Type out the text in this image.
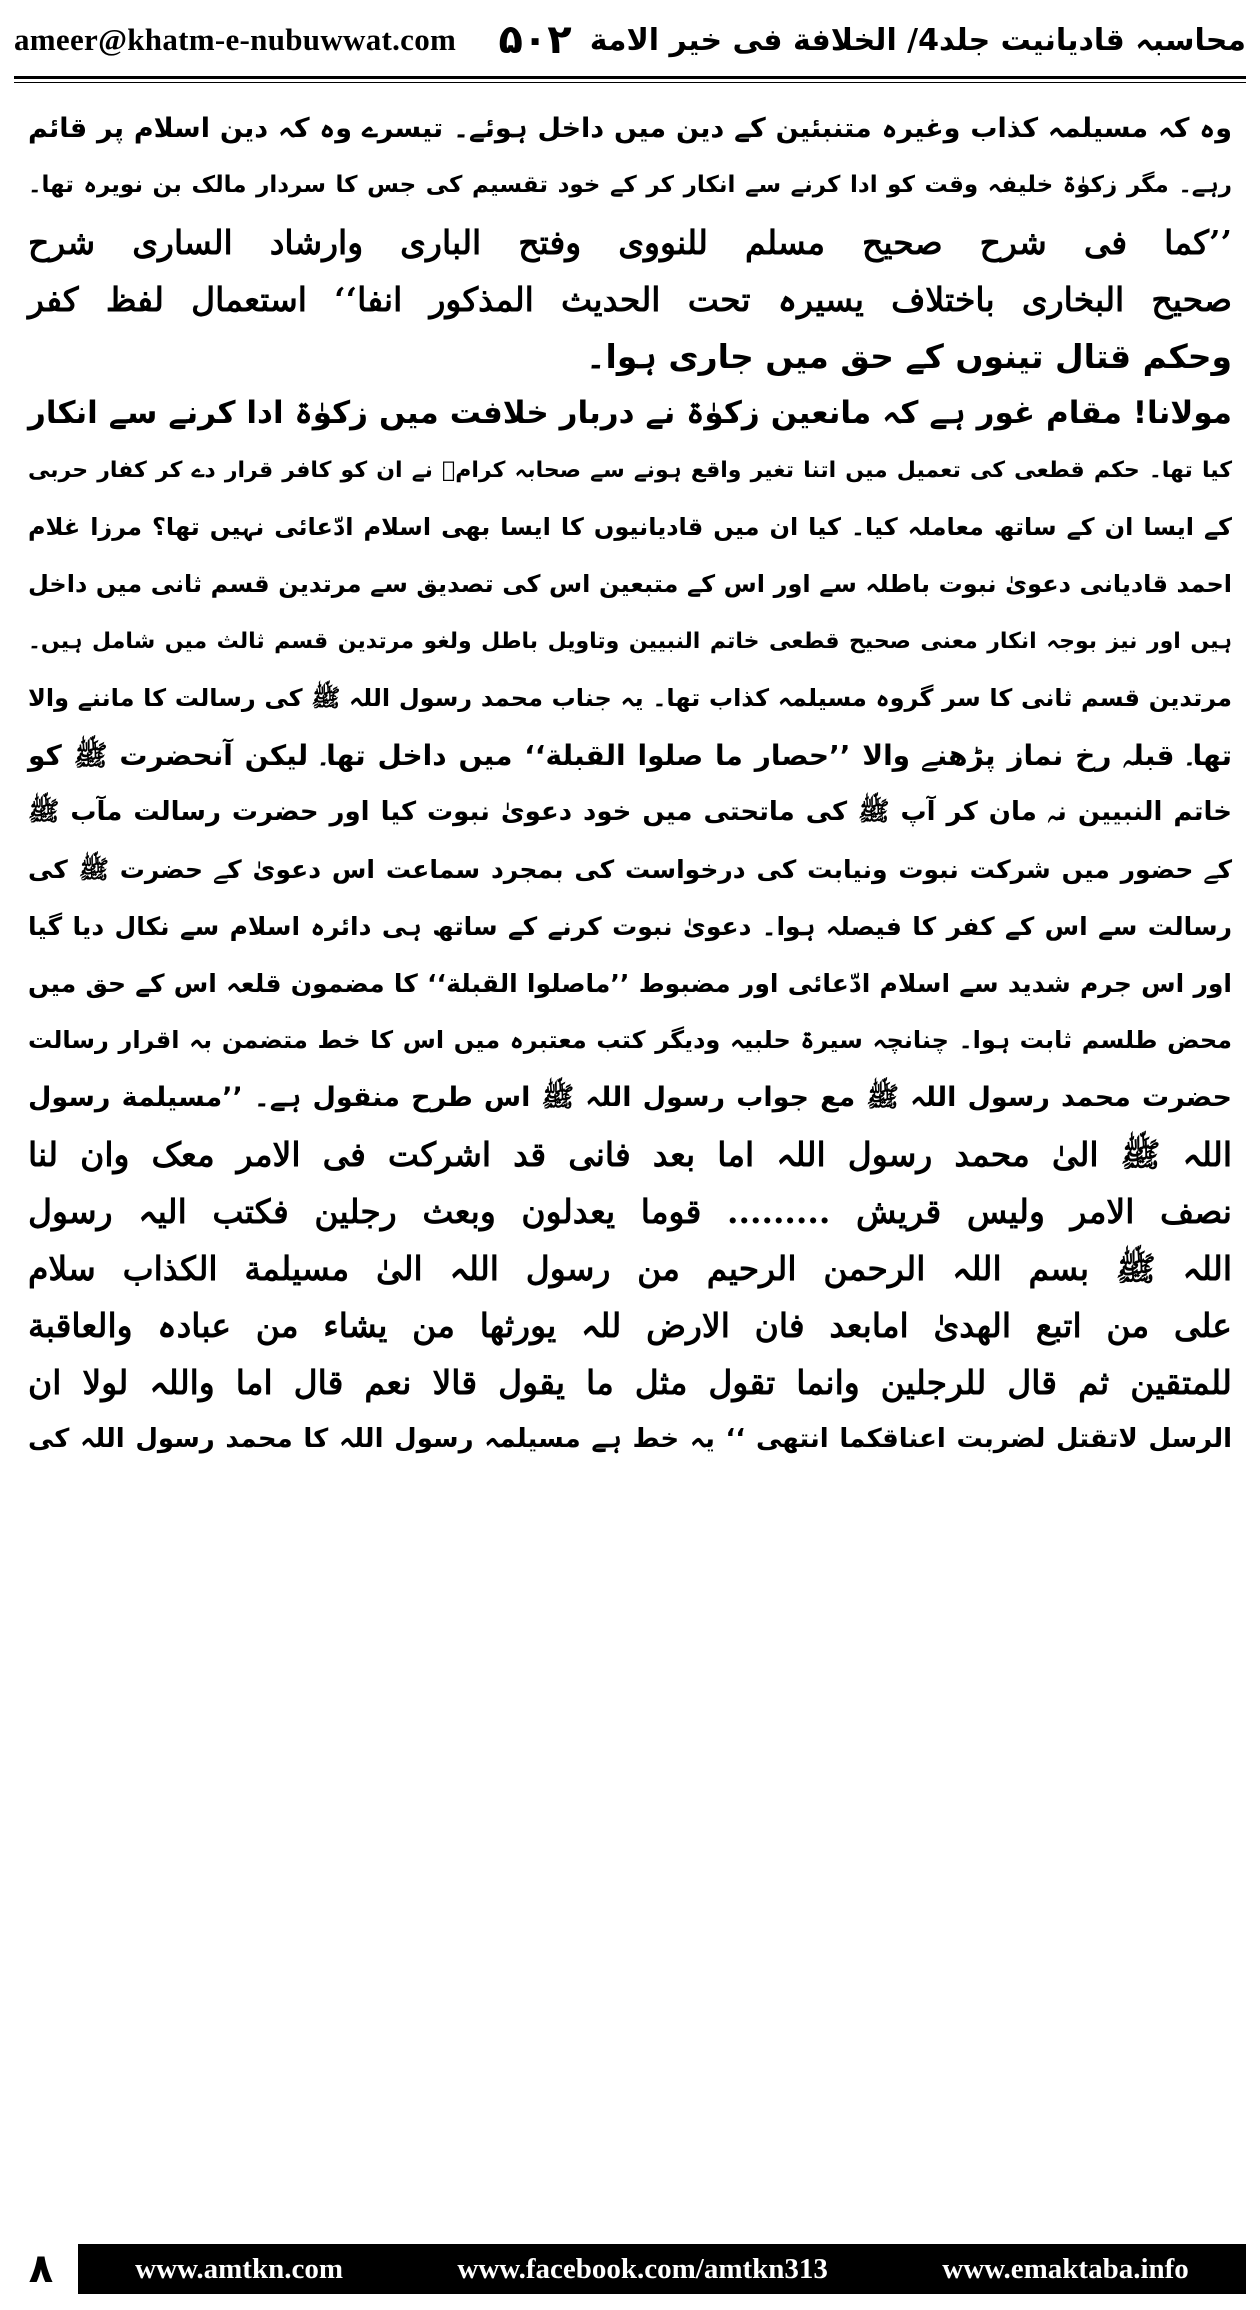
ameer@khatm-e-nubuwwat.com	محاسبہ قادیانیت جلد4/ الخلافة فی خیر الامة
۵۰۲
وہ کہ مسیلمہ کذاب وغیرہ متنبئین کے دین میں داخل ہوئے۔ تیسرے وہ کہ دین اسلام پر قائم
رہے۔ مگر زکوٰۃ خلیفہ وقت کو ادا کرنے سے انکار کر کے خود تقسیم کی جس کا سردار مالک بن نویرہ تھا۔
’’کما فی شرح صحیح مسلم للنووی وفتح الباری وارشاد الساری شرح
صحیح البخاری باختلاف یسیرہ تحت الحدیث المذکور انفا‘‘ استعمال لفظ کفر
وحکم قتال تینوں کے حق میں جاری ہوا۔
مولانا! مقام غور ہے کہ مانعین زکوٰۃ نے دربار خلافت میں زکوٰۃ ادا کرنے سے انکار
کیا تھا۔ حکم قطعی کی تعمیل میں اتنا تغیر واقع ہونے سے صحابہ کرامؓ نے ان کو کافر قرار دے کر کفار حربی
کے ایسا ان کے ساتھ معاملہ کیا۔ کیا ان میں قادیانیوں کا ایسا بھی اسلام ادّعائی نہیں تھا؟ مرزا غلام
احمد قادیانی دعویٰ نبوت باطلہ سے اور اس کے متبعین اس کی تصدیق سے مرتدین قسم ثانی میں داخل
ہیں اور نیز بوجہ انکار معنی صحیح قطعی خاتم النبیین وتاویل باطل ولغو مرتدین قسم ثالث میں شامل ہیں۔
مرتدین قسم ثانی کا سر گروہ مسیلمہ کذاب تھا۔ یہ جناب محمد رسول اللہ ﷺ کی رسالت کا ماننے والا
تھا۔ قبلہ رخ نماز پڑھنے والا ’’حصار ما صلوا القبلة‘‘ میں داخل تھا۔ لیکن آنحضرت ﷺ کو
خاتم النبیین نہ مان کر آپ ﷺ کی ماتحتی میں خود دعویٰ نبوت کیا اور حضرت رسالت مآب ﷺ
کے حضور میں شرکت نبوت ونیابت کی درخواست کی بمجرد سماعت اس دعویٰ کے حضرت ﷺ کی
رسالت سے اس کے کفر کا فیصلہ ہوا۔ دعویٰ نبوت کرنے کے ساتھ ہی دائرہ اسلام سے نکال دیا گیا
اور اس جرم شدید سے اسلام ادّعائی اور مضبوط ’’ماصلوا القبلة‘‘ کا مضمون قلعہ اس کے حق میں
محض طلسم ثابت ہوا۔ چنانچہ سیرۃ حلبیہ ودیگر کتب معتبرہ میں اس کا خط متضمن بہ اقرار رسالت
حضرت محمد رسول اللہ ﷺ مع جواب رسول اللہ ﷺ اس طرح منقول ہے۔ ’’مسیلمة رسول
اللہ ﷺ الیٰ محمد رسول اللہ اما بعد فانی قد اشرکت فی الامر معک وان لنا
نصف الامر ولیس قریش ......... قوما یعدلون وبعث رجلین فکتب الیہ رسول
اللہ ﷺ بسم اللہ الرحمن الرحیم من رسول اللہ الیٰ مسیلمة الکذاب سلام
علی من اتبع الهدیٰ امابعد فان الارض للہ یورثها من یشاء من عبادہ والعاقبة
للمتقین ثم قال للرجلین وانما تقول مثل ما یقول قالا نعم قال اما واللہ لولا ان
الرسل لاتقتل لضربت اعناقکما انتهی ‘‘ یہ خط ہے مسیلمہ رسول اللہ کا محمد رسول اللہ کی
۸	www.amtkn.com	www.facebook.com/amtkn313	www.emaktaba.info
